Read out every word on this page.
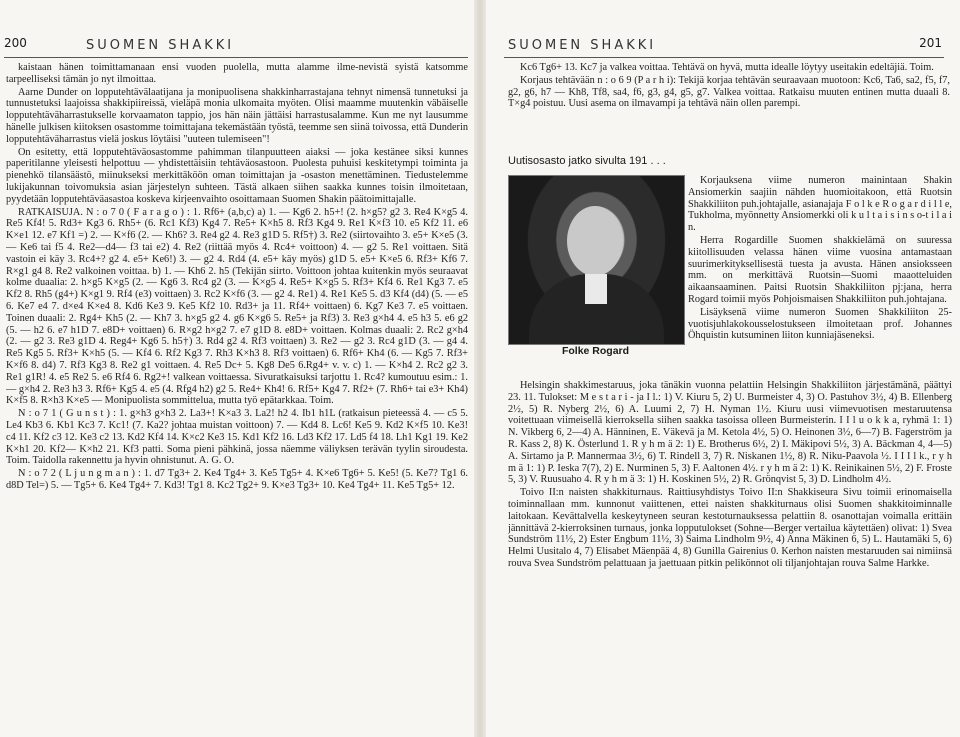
200	SUOMEN SHAKKI

kaistaan hänen toimittamanaan ensi vuoden puolella, mutta alamme ilme-nevistä syistä katsomme tarpeelliseksi tämän jo nyt ilmoittaa.

Aarne Dunder on lopputehtävälaatijana ja monipuolisena shakkinharrastajana tehnyt nimensä tunnetuksi ja tunnustetuksi laajoissa shakkipiireissä, vieläpä monia ulkomaita myöten. Olisi maamme muutenkin väbäiselle lopputehtäväharrastukselle korvaamaton tappio, jos hän näin jättäisi harrastusalamme. Kun me nyt lausumme hänelle julkisen kiitoksen osastomme toimittajana tekemästään työstä, teemme sen siinä toivossa, että Dunderin lopputehtäväharrastus vielä joskus löytäisi "uuteen tulemiseen"!

On esitetty, että lopputehtäväosastomme pahimman tilanpuutteen aiaksi — joka kestänee siksi kunnes paperitilanne yleisesti helpottuu — yhdistettäisiin tehtäväosastoon. Puolesta puhuisi keskitetympi toiminta ja pienehkö tilansäästö, miinukseksi merkittäköön oman toimittajan ja -osaston menettäminen. Tiedustelemme lukijakunnan toivomuksia asian järjestelyn suhteen. Tästä alkaen siihen saakka kunnes toisin ilmoitetaan, pyydetään lopputehtäväasastoa koskeva kirjeenvaihto osoittamaan Suomen Shakin päätoimittajalle.

RATKAISUJA. N : o 7 0 ( F a r a g o ) : 1. Rf6+ (a,b,c) a) 1. — Kg6 2. h5+! (2. h×g5? g2 3. Re4 K×g5 4. Re5 Kf4! 5. Rd3+ Kg3 6. Rh5+ (6. Rc1 Kf3) Kg4 7. Re5+ K×h5 8. Rf3 Kg4 9. Re1 K×f3 10. e5 Kf2 11. e6 K×e1 12. e7 Kf1 =) 2. — K×f6 (2. — Kh6? 3. Re4 g2 4. Re3 g1D 5. Rf5†) 3. Re2 (siirtovaihto 3. e5+ K×e5 (3. — Ke6 tai f5 4. Re2—d4— f3 tai e2) 4. Re2 (riittää myös 4. Rc4+ voittoon) 4. — g2 5. Re1 voittaen. Sitä vastoin ei käy 3. Rc4+? g2 4. e5+ Ke6!) 3. — g2 4. Rd4 (4. e5+ käy myös) g1D 5. e5+ K×e5 6. Rf3+ Kf6 7. R×g1 g4 8. Re2 valkoinen voittaa. b) 1. — Kh6 2. h5 (Tekijän siirto. Voittoon johtaa kuitenkin myös seuraavat kolme duaalia: 2. h×g5 K×g5 (2. — Kg6 3. Rc4 g2 (3. — K×g5 4. Re5+ K×g5 5. Rf3+ Kf4 6. Re1 Kg3 7. e5 Kf2 8. Rh5 (g4+) K×g1 9. Rf4 (e3) voittaen) 3. Rc2 K×f6 (3. — g2 4. Re1) 4. Re1 Ke5 5. d3 Kf4 (d4) (5. — e5 6. Ke7 e4 7. d×e4 K×e4 8. Kd6 Ke3 9. Ke5 Kf2 10. Rd3+ ja 11. Rf4+ voittaen) 6. Kg7 Ke3 7. e5 voittaen. Toinen duaali: 2. Rg4+ Kh5 (2. — Kh7 3. h×g5 g2 4. g6 K×g6 5. Re5+ ja Rf3) 3. Re3 g×h4 4. e5 h3 5. e6 g2 (5. — h2 6. e7 h1D 7. e8D+ voittaen) 6. R×g2 h×g2 7. e7 g1D 8. e8D+ voittaen. Kolmas duaali: 2. Rc2 g×h4 (2. — g2 3. Re3 g1D 4. Reg4+ Kg6 5. h5†) 3. Rd4 g2 4. Rf3 voittaen) 3. Re2 — g2 3. Rc4 g1D (3. — g4 4. Re5 Kg5 5. Rf3+ K×h5 (5. — Kf4 6. Rf2 Kg3 7. Rh3 K×h3 8. Rf3 voittaen) 6. Rf6+ Kh4 (6. — Kg5 7. Rf3+ K×f6 8. d4) 7. Rf3 Kg3 8. Re2 g1 voittaen. 4. Re5 Dc+ 5. Kg8 De5 6.Rg4+ v. v. c) 1. — K×h4 2. Rc2 g2 3. Re1 g1R! 4. e5 Re2 5. e6 Rf4 6. Rg2+! valkean voittaessa. Sivuratkaisuksi tarjottu 1. Rc4? kumoutuu esim.: 1. — g×h4 2. Re3 h3 3. Rf6+ Kg5 4. e5 (4. Rfg4 h2) g2 5. Re4+ Kh4! 6. Rf5+ Kg4 7. Rf2+ (7. Rh6+ tai e3+ Kh4) K×f5 8. R×h3 K×e5 — Monipuolista sommittelua, mutta työ epätarkkaa. Toim.

N : o 7 1 ( G u n s t ) : 1. g×h3 g×h3 2. La3+! K×a3 3. La2! h2 4. Ib1 h1L (ratkaisun pieteessä 4. — c5 5. Le4 Kb3 6. Kb1 Kc3 7. Kc1! (7. Ka2? johtaa muistan voittoon) 7. — Kd4 8. Lc6! Ke5 9. Kd2 K×f5 10. Ke3! c4 11. Kf2 c3 12. Ke3 c2 13. Kd2 Kf4 14. K×c2 Ke3 15. Kd1 Kf2 16. Ld3 Kf2 17. Ld5 f4 18. Lh1 Kg1 19. Ke2 K×h1 20. Kf2— K×h2 21. Kf3 patti. Soma pieni pähkinä, jossa näemme väliyksen terävän tyylin siroudesta. Toim. Taidolla rakennettu ja hyvin ohnistunut. A. G. O.

N : o 7 2 ( L j u n g m a n ) : 1. d7 Tg3+ 2. Ke4 Tg4+ 3. Ke5 Tg5+ 4. K×e6 Tg6+ 5. Ke5! (5. Ke7? Tg1 6. d8D Tel=) 5. — Tg5+ 6. Ke4 Tg4+ 7. Kd3! Tg1 8. Kc2 Tg2+ 9. K×e3 Tg3+ 10. Ke4 Tg4+ 11. Ke5 Tg5+ 12.

SUOMEN SHAKKI	201

Kc6 Tg6+ 13. Kc7 ja valkea voittaa. Tehtävä on hyvä, mutta idealle löytyy useitakin edeltäjiä. Toim.

Korjaus tehtävään n : o 6 9 (P a r h i): Tekijä korjaa tehtävän seuraavaan muotoon: Kc6, Ta6, sa2, f5, f7, g2, g6, h7 — Kh8, Tf8, sa4, f6, g3, g4, g5, g7. Valkea voittaa. Ratkaisu muuten entinen mutta duaali 8. T×g4 poistuu. Uusi asema on ilmavampi ja tehtävä näin ollen parempi.

Uutisosasto jatko sivulta 191 . . .
Folke Rogard

Korjauksena viime numeron mainintaan Shakin Ansiomerkin saajiin nähden huomioitakoon, että Ruotsin Shakkiliiton puh.johtajalle, asianajaja F o l k e R o g a r d i l l e, Tukholma, myönnetty Ansiomerkki oli k u l t a i s i n s o-t i l a i n.

Herra Rogardille Suomen shakkielämä on suuressa kiitollisuuden velassa hänen viime vuosina antamastaan suurimerkityksellisestä tuesta ja avusta. Hänen ansioksseen mm. on merkittävä Ruotsin—Suomi maaotteluiden aikaansaaminen. Paitsi Ruotsin Shakkiliiton pj:jana, herra Rogard toimii myös Pohjoismaisen Shakkiliiton puh.johtajana.

Lisäyksenä viime numeron Suomen Shakkiliiton 25-vuotisjuhlakokousselostukseen ilmoitetaan prof. Johannes Öhquistin kutsuminen liiton kunniajäseneksi.

Helsingin shakkimestaruus, joka tänäkin vuonna pelattiin Helsingin Shakkiliiton järjestämänä, päättyi 23. 11. Tulokset: M e s t a r i - ja I l.: 1) V. Kiuru 5, 2) U. Burmeister 4, 3) O. Pastuhov 3½, 4) B. Ellenberg 2½, 5) R. Nyberg 2½, 6) A. Luumi 2, 7) H. Nyman 1½. Kiuru uusi viimevuotisen mestaruutensa voitettuaan viimeisellä kierroksella siihen saakka tasoissa olleen Burmeisterin. I I l u o k k a, ryhmä 1: 1) N. Vikberg 6, 2—4) A. Hänninen, E. Väkevä ja M. Ketola 4½, 5) O. Heinonen 3½, 6—7) B. Fagerström ja R. Kass 2, 8) K. Österlund 1. R y h m ä 2: 1) E. Brotherus 6½, 2) I. Mäkipovi 5½, 3) A. Bäckman 4, 4—5) A. Sirtamo ja P. Mannermaa 3½, 6) T. Rindell 3, 7) R. Niskanen 1½, 8) R. Niku-Paavola ½. I I I l k., r y h m ä 1: 1) P. Ieska 7(7), 2) E. Nurminen 5, 3) F. Aaltonen 4½. r y h m ä 2: 1) K. Reinikainen 5½, 2) F. Froste 5, 3) V. Ruusuaho 4. R y h m ä 3: 1) H. Koskinen 5½, 2) R. Grönqvist 5, 3) D. Lindholm 4½.

Toivo II:n naisten shakkiturnaus. Raittiusyhdistys Toivo II:n Shakkiseura Sivu toimii erinomaisella toiminnallaan mm. kunnonut vaiittenen, ettei naisten shakkiturnaus olisi Suomen shakkitoiminnalle laitokaan. Kevättalvella keskeytyneen seuran kestoturnauksessa pelattiin 8. osanottajan voimalla erittäin jännittävä 2-kierroksinen turnaus, jonka lopputulokset (Sohne—Berger vertailua käytettäen) olivat: 1) Svea Sundström 11½, 2) Ester Engbum 11½, 3) Saima Lindholm 9½, 4) Anna Mäkinen 6, 5) L. Hautamäki 5, 6) Helmi Uusitalo 4, 7) Elisabet Mäenpää 4, 8) Gunilla Gairenius 0. Kerhon naisten mestaruuden sai nimiinsä rouva Svea Sundström pelattuaan ja jaettuaan pitkin pelikönnot oli tiljanjohtajan rouva Salme Harkke.
